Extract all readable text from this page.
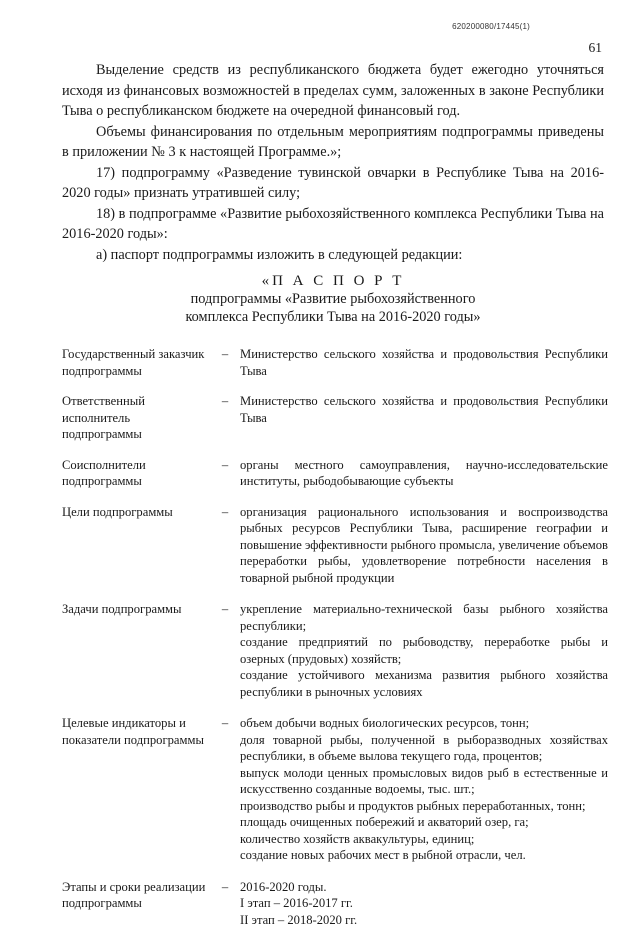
620200080/17445(1)
61

Выделение средств из республиканского бюджета будет ежегодно уточняться исходя из финансовых возможностей в пределах сумм, заложенных в законе Республики Тыва о республиканском бюджете на очередной финансовый год.

Объемы финансирования по отдельным мероприятиям подпрограммы приведены в приложении № 3 к настоящей Программе.»;

17) подпрограмму «Разведение тувинской овчарки в Республике Тыва на 2016-2020 годы» признать утратившей силу;

18) в подпрограмме «Развитие рыбохозяйственного комплекса Республики Тыва на 2016-2020 годы»:

а) паспорт подпрограммы изложить в следующей редакции:

«П А С П О Р Т
подпрограммы «Развитие рыбохозяйственного
комплекса Республики Тыва на 2016-2020 годы»
Государственный заказчик подпрограммы
– Министерство сельского хозяйства и продовольствия Республики Тыва
Ответственный исполнитель подпрограммы
– Министерство сельского хозяйства и продовольствия Республики Тыва
Соисполнители подпрограммы
– органы местного самоуправления, научно-исследовательские институты, рыбодобывающие субъекты
Цели подпрограммы	– организация рационального использования и воспроизводства рыбных ресурсов Республики Тыва, расширение географии и повышение эффективности рыбного промысла, увеличение объемов переработки рыбы, удовлетворение потребности населения в товарной рыбной продукции
Задачи подпрограммы	– укрепление материально-технической базы рыбного хозяйства республики;
создание предприятий по рыбоводству, переработке рыбы и озерных (прудовых) хозяйств;
создание устойчивого механизма развития рыбного хозяйства республики в рыночных условиях
Целевые индикаторы и показатели подпрограммы
– объем добычи водных биологических ресурсов, тонн;
доля товарной рыбы, полученной в рыборазводных хозяйствах республики, в объеме вылова текущего года, процентов;
выпуск молоди ценных промысловых видов рыб в естественные и искусственно созданные водоемы, тыс. шт.;
производство рыбы и продуктов рыбных переработанных, тонн;
площадь очищенных побережий и акваторий озер, га;
количество хозяйств аквакультуры, единиц;
создание новых рабочих мест в рыбной отрасли, чел.
Этапы и сроки реализации подпрограммы
– 2016-2020 годы.
I этап – 2016-2017 гг.
II этап – 2018-2020 гг.
